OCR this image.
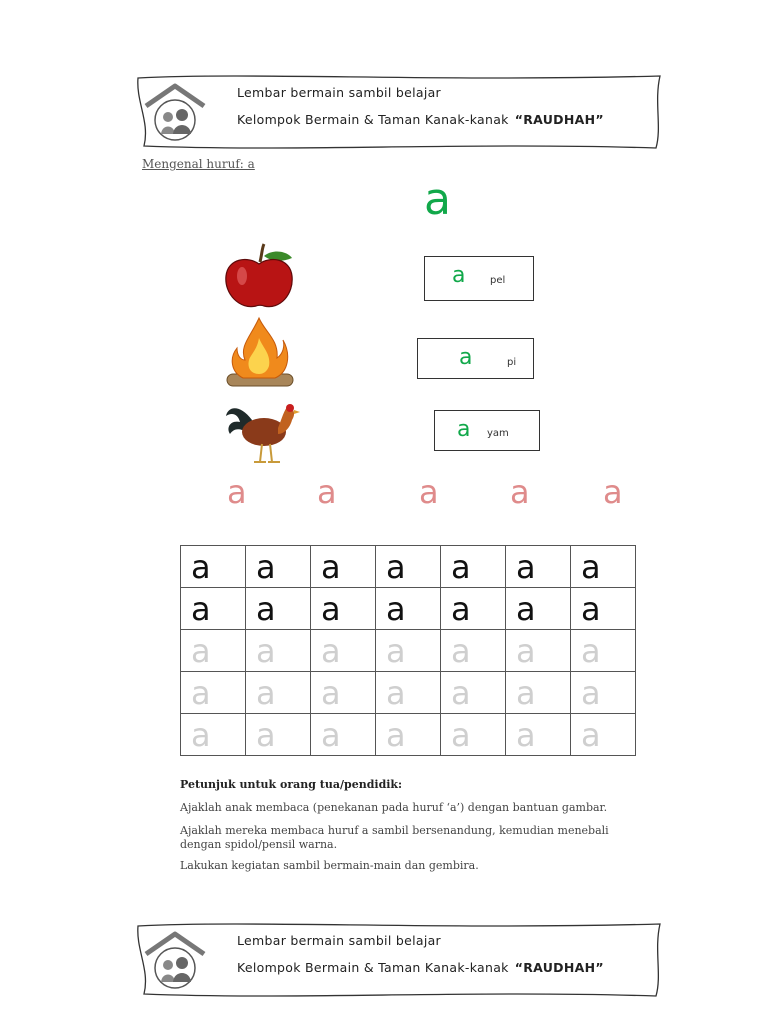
Lembar bermain sambil belajar
Kelompok Bermain & Taman Kanak-kanak “RAUDHAH”
Mengenal huruf: a
a
a pel
a	pi
a yam
a a	a a a
a	a	a	a	a	a	a
a	a	a	a	a	a	a
a	a	a	a	a	a	a
a	a	a	a	a	a	a
a	a	a	a	a	a	a
Petunjuk untuk orang tua/pendidik:
Ajaklah anak membaca (penekanan pada huruf ‘a’) dengan bantuan gambar.
Ajaklah mereka membaca huruf a sambil bersenandung, kemudian menebali
dengan spidol/pensil warna.
Lakukan kegiatan sambil bermain-main dan gembira.
Lembar bermain sambil belajar
Kelompok Bermain & Taman Kanak-kanak “RAUDHAH”
